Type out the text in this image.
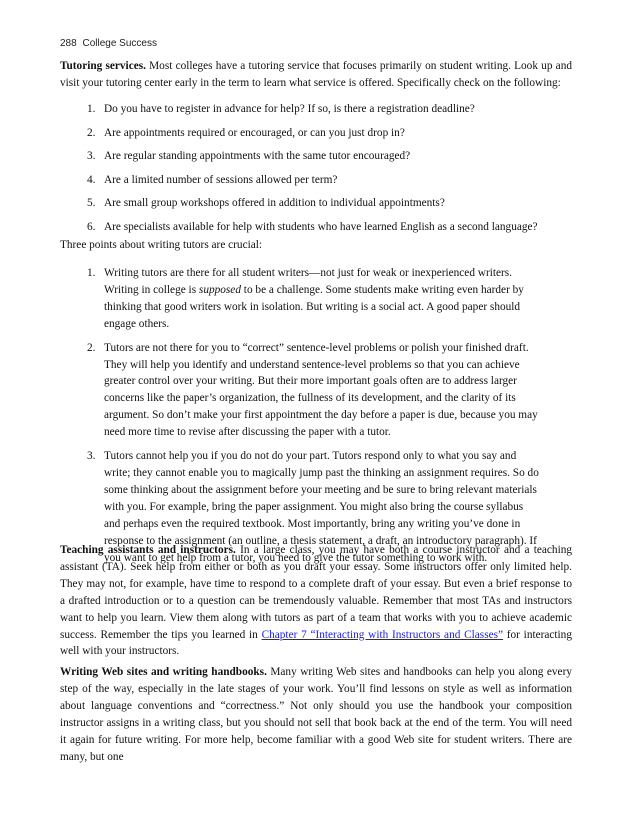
288 College Success

Tutoring services. Most colleges have a tutoring service that focuses primarily on student writing. Look up and visit your tutoring center early in the term to learn what service is offered. Specifically check on the following:

1. Do you have to register in advance for help? If so, is there a registration deadline?
2. Are appointments required or encouraged, or can you just drop in?
3. Are regular standing appointments with the same tutor encouraged?
4. Are a limited number of sessions allowed per term?
5. Are small group workshops offered in addition to individual appointments?
6. Are specialists available for help with students who have learned English as a second language?

Three points about writing tutors are crucial:

1. Writing tutors are there for all student writers—not just for weak or inexperienced writers. Writing in college is supposed to be a challenge. Some students make writing even harder by thinking that good writers work in isolation. But writing is a social act. A good paper should engage others.
2. Tutors are not there for you to “correct” sentence-level problems or polish your finished draft. They will help you identify and understand sentence-level problems so that you can achieve greater control over your writing. But their more important goals often are to address larger concerns like the paper’s organization, the fullness of its development, and the clarity of its argument. So don’t make your first appointment the day before a paper is due, because you may need more time to revise after discussing the paper with a tutor.
3. Tutors cannot help you if you do not do your part. Tutors respond only to what you say and write; they cannot enable you to magically jump past the thinking an assignment requires. So do some thinking about the assignment before your meeting and be sure to bring relevant materials with you. For example, bring the paper assignment. You might also bring the course syllabus and perhaps even the required textbook. Most importantly, bring any writing you’ve done in response to the assignment (an outline, a thesis statement, a draft, an introductory paragraph). If you want to get help from a tutor, you need to give the tutor something to work with.

Teaching assistants and instructors. In a large class, you may have both a course instructor and a teaching assistant (TA). Seek help from either or both as you draft your essay. Some instructors offer only limited help. They may not, for example, have time to respond to a complete draft of your essay. But even a brief response to a drafted introduction or to a question can be tremendously valuable. Remember that most TAs and instructors want to help you learn. View them along with tutors as part of a team that works with you to achieve academic success. Remember the tips you learned in Chapter 7 “Interacting with Instructors and Classes” for interacting well with your instructors.

Writing Web sites and writing handbooks. Many writing Web sites and handbooks can help you along every step of the way, especially in the late stages of your work. You’ll find lessons on style as well as information about language conventions and “correctness.” Not only should you use the handbook your composition instructor assigns in a writing class, but you should not sell that book back at the end of the term. You will need it again for future writing. For more help, become familiar with a good Web site for student writers. There are many, but one
